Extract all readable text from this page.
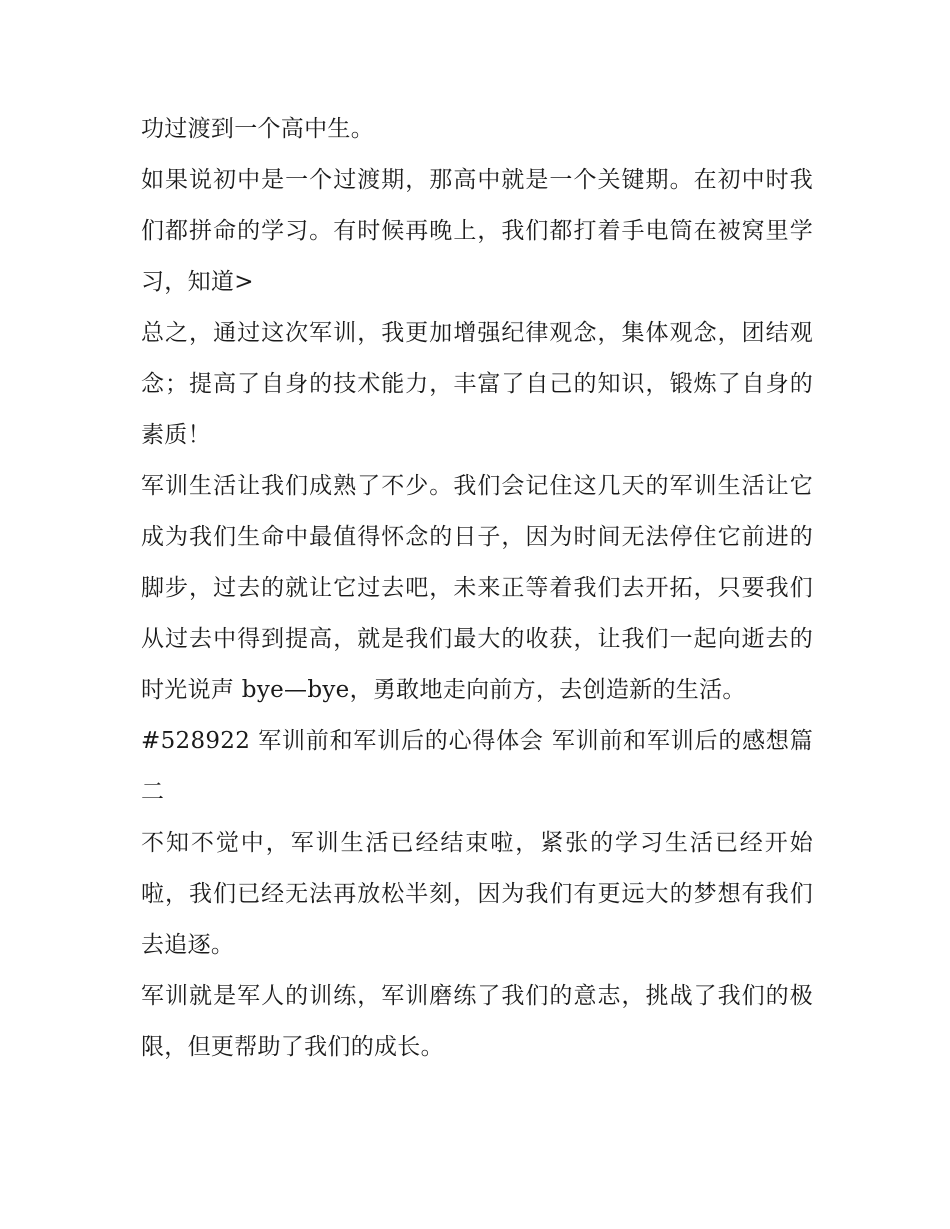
功过渡到一个高中生。

如果说初中是一个过渡期，那高中就是一个关键期。在初中时我们都拼命的学习。有时候再晚上，我们都打着手电筒在被窝里学习，知道>

总之，通过这次军训，我更加增强纪律观念，集体观念，团结观念；提高了自身的技术能力，丰富了自己的知识，锻炼了自身的素质！

军训生活让我们成熟了不少。我们会记住这几天的军训生活让它成为我们生命中最值得怀念的日子，因为时间无法停住它前进的脚步，过去的就让它过去吧，未来正等着我们去开拓，只要我们从过去中得到提高，就是我们最大的收获，让我们一起向逝去的时光说声 bye—bye，勇敢地走向前方，去创造新的生活。

#528922 军训前和军训后的心得体会 军训前和军训后的感想篇二

不知不觉中，军训生活已经结束啦，紧张的学习生活已经开始啦，我们已经无法再放松半刻，因为我们有更远大的梦想有我们去追逐。

军训就是军人的训练，军训磨练了我们的意志，挑战了我们的极限，但更帮助了我们的成长。
